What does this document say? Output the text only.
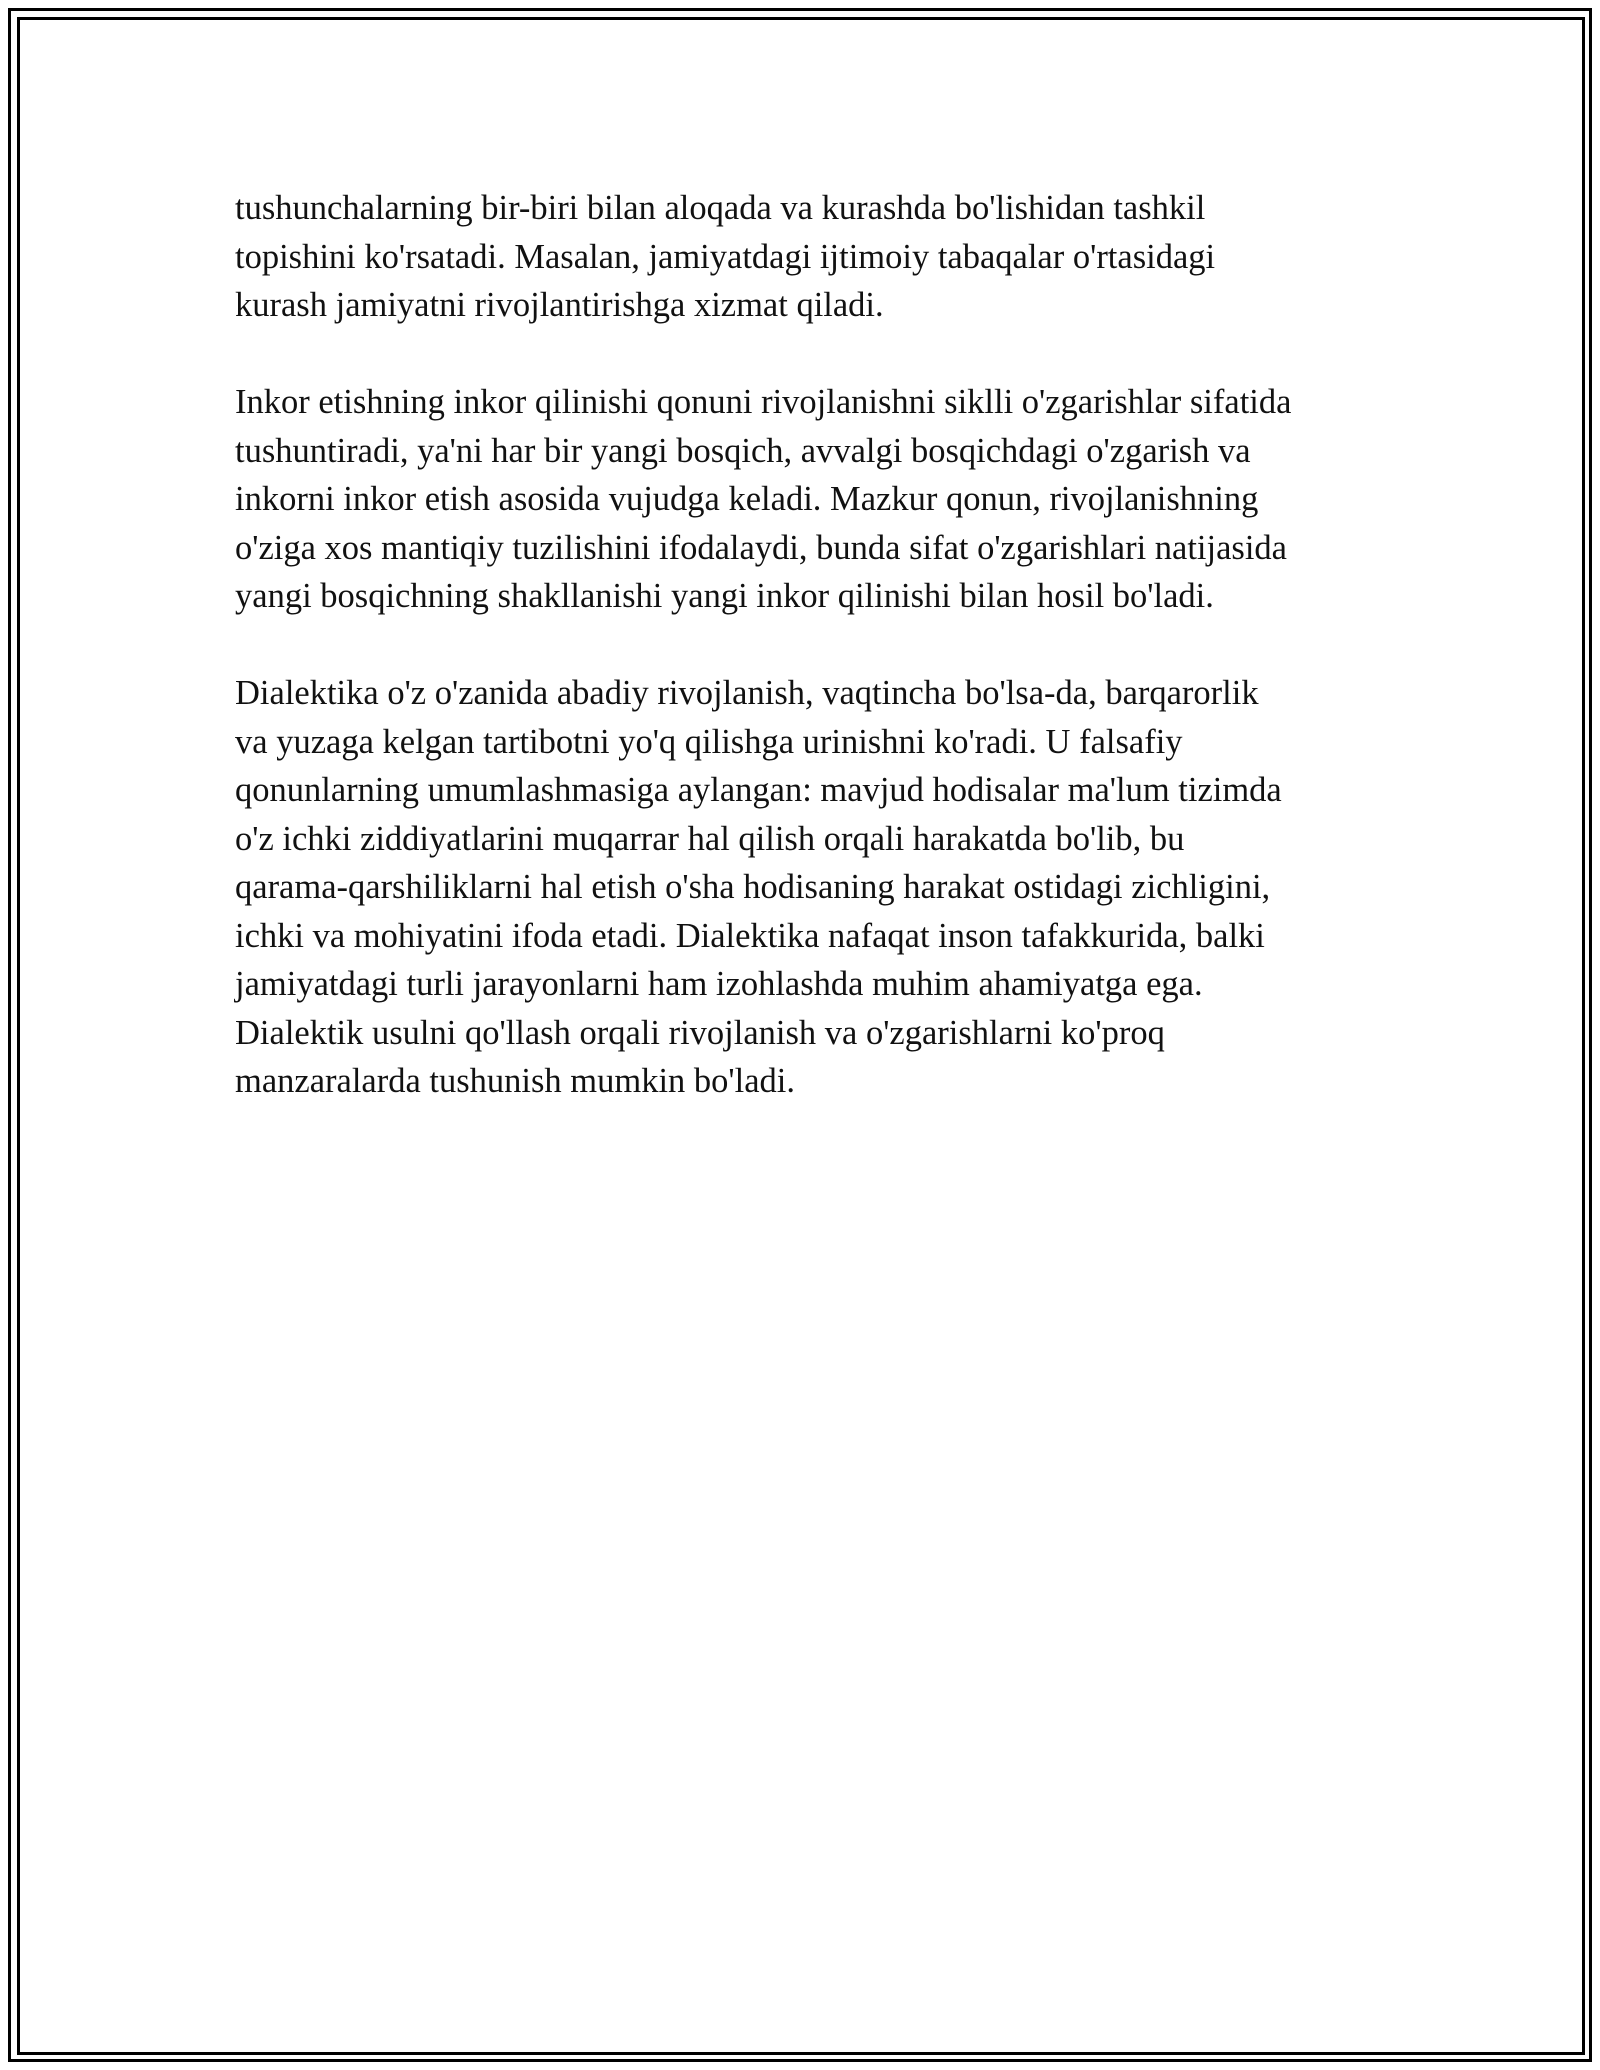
tushunchalarning bir-biri bilan aloqada va kurashda bo'lishidan tashkil
topishini ko'rsatadi. Masalan, jamiyatdagi ijtimoiy tabaqalar o'rtasidagi
kurash jamiyatni rivojlantirishga xizmat qiladi.

Inkor etishning inkor qilinishi qonuni rivojlanishni siklli o'zgarishlar sifatida
tushuntiradi, ya'ni har bir yangi bosqich, avvalgi bosqichdagi o'zgarish va
inkorni inkor etish asosida vujudga keladi. Mazkur qonun, rivojlanishning
o'ziga xos mantiqiy tuzilishini ifodalaydi, bunda sifat o'zgarishlari natijasida
yangi bosqichning shakllanishi yangi inkor qilinishi bilan hosil bo'ladi.

Dialektika o'z o'zanida abadiy rivojlanish, vaqtincha bo'lsa-da, barqarorlik
va yuzaga kelgan tartibotni yo'q qilishga urinishni ko'radi. U falsafiy
qonunlarning umumlashmasiga aylangan: mavjud hodisalar ma'lum tizimda
o'z ichki ziddiyatlarini muqarrar hal qilish orqali harakatda bo'lib, bu
qarama-qarshiliklarni hal etish o'sha hodisaning harakat ostidagi zichligini,
ichki va mohiyatini ifoda etadi. Dialektika nafaqat inson tafakkurida, balki
jamiyatdagi turli jarayonlarni ham izohlashda muhim ahamiyatga ega.
Dialektik usulni qo'llash orqali rivojlanish va o'zgarishlarni ko'proq
manzaralarda tushunish mumkin bo'ladi.
